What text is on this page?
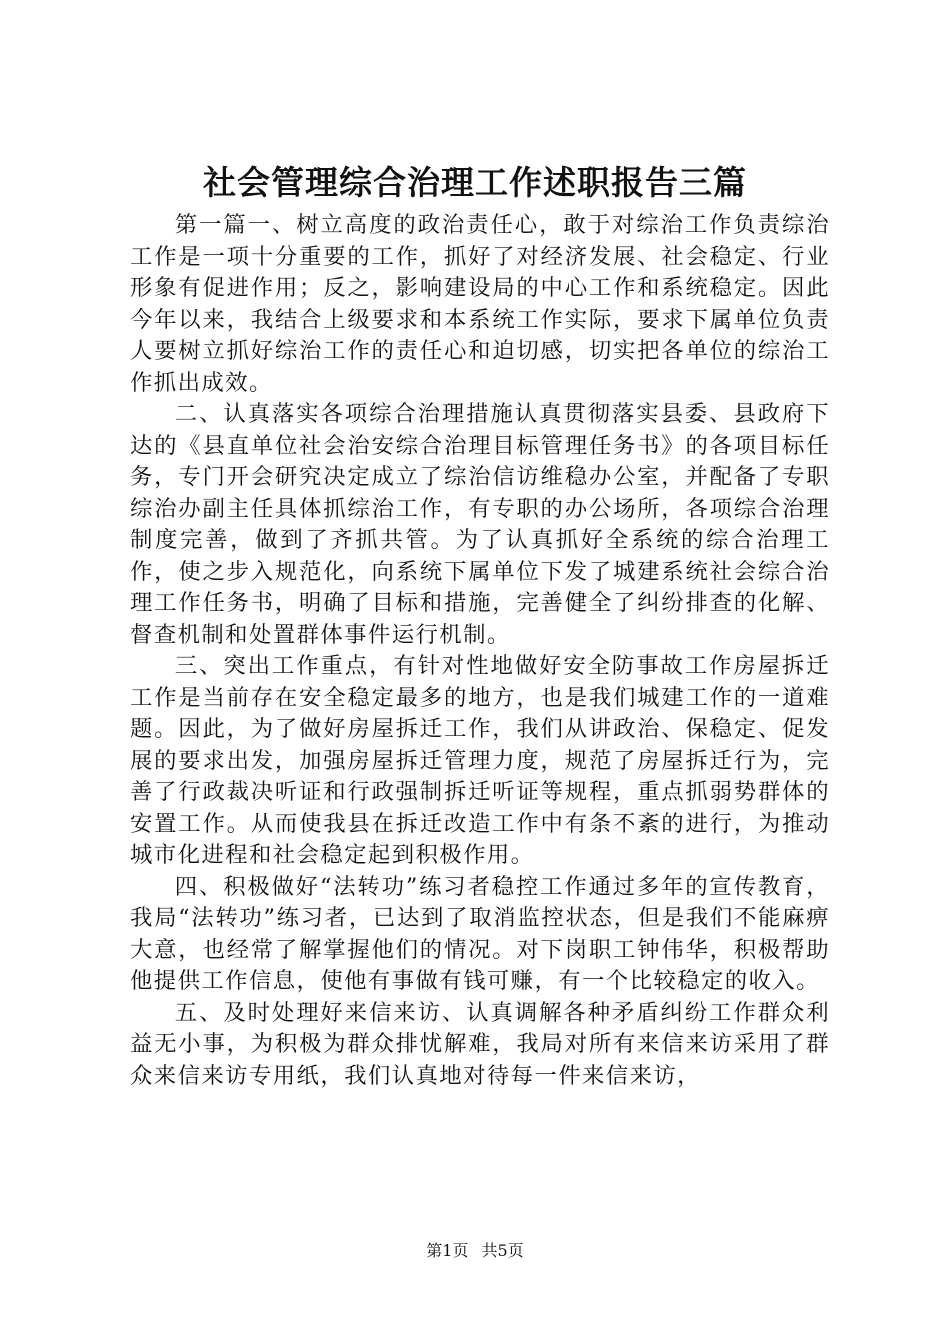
社会管理综合治理工作述职报告三篇

第一篇一、树立高度的政治责任心，敢于对综治工作负责综治工作是一项十分重要的工作，抓好了对经济发展、社会稳定、行业形象有促进作用；反之，影响建设局的中心工作和系统稳定。因此今年以来，我结合上级要求和本系统工作实际，要求下属单位负责人要树立抓好综治工作的责任心和迫切感，切实把各单位的综治工作抓出成效。

二、认真落实各项综合治理措施认真贯彻落实县委、县政府下达的《县直单位社会治安综合治理目标管理任务书》的各项目标任务，专门开会研究决定成立了综治信访维稳办公室，并配备了专职综治办副主任具体抓综治工作，有专职的办公场所，各项综合治理制度完善，做到了齐抓共管。为了认真抓好全系统的综合治理工作，使之步入规范化，向系统下属单位下发了城建系统社会综合治理工作任务书，明确了目标和措施，完善健全了纠纷排查的化解、督查机制和处置群体事件运行机制。

三、突出工作重点，有针对性地做好安全防事故工作房屋拆迁工作是当前存在安全稳定最多的地方，也是我们城建工作的一道难题。因此，为了做好房屋拆迁工作，我们从讲政治、保稳定、促发展的要求出发，加强房屋拆迁管理力度，规范了房屋拆迁行为，完善了行政裁决听证和行政强制拆迁听证等规程，重点抓弱势群体的安置工作。从而使我县在拆迁改造工作中有条不紊的进行，为推动城市化进程和社会稳定起到积极作用。

四、积极做好“法转功”练习者稳控工作通过多年的宣传教育，我局“法转功”练习者，已达到了取消监控状态，但是我们不能麻痹大意，也经常了解掌握他们的情况。对下岗职工钟伟华，积极帮助他提供工作信息，使他有事做有钱可赚，有一个比较稳定的收入。

五、及时处理好来信来访、认真调解各种矛盾纠纷工作群众利益无小事，为积极为群众排忧解难，我局对所有来信来访采用了群众来信来访专用纸，我们认真地对待每一件来信来访，

第1页 共5页
